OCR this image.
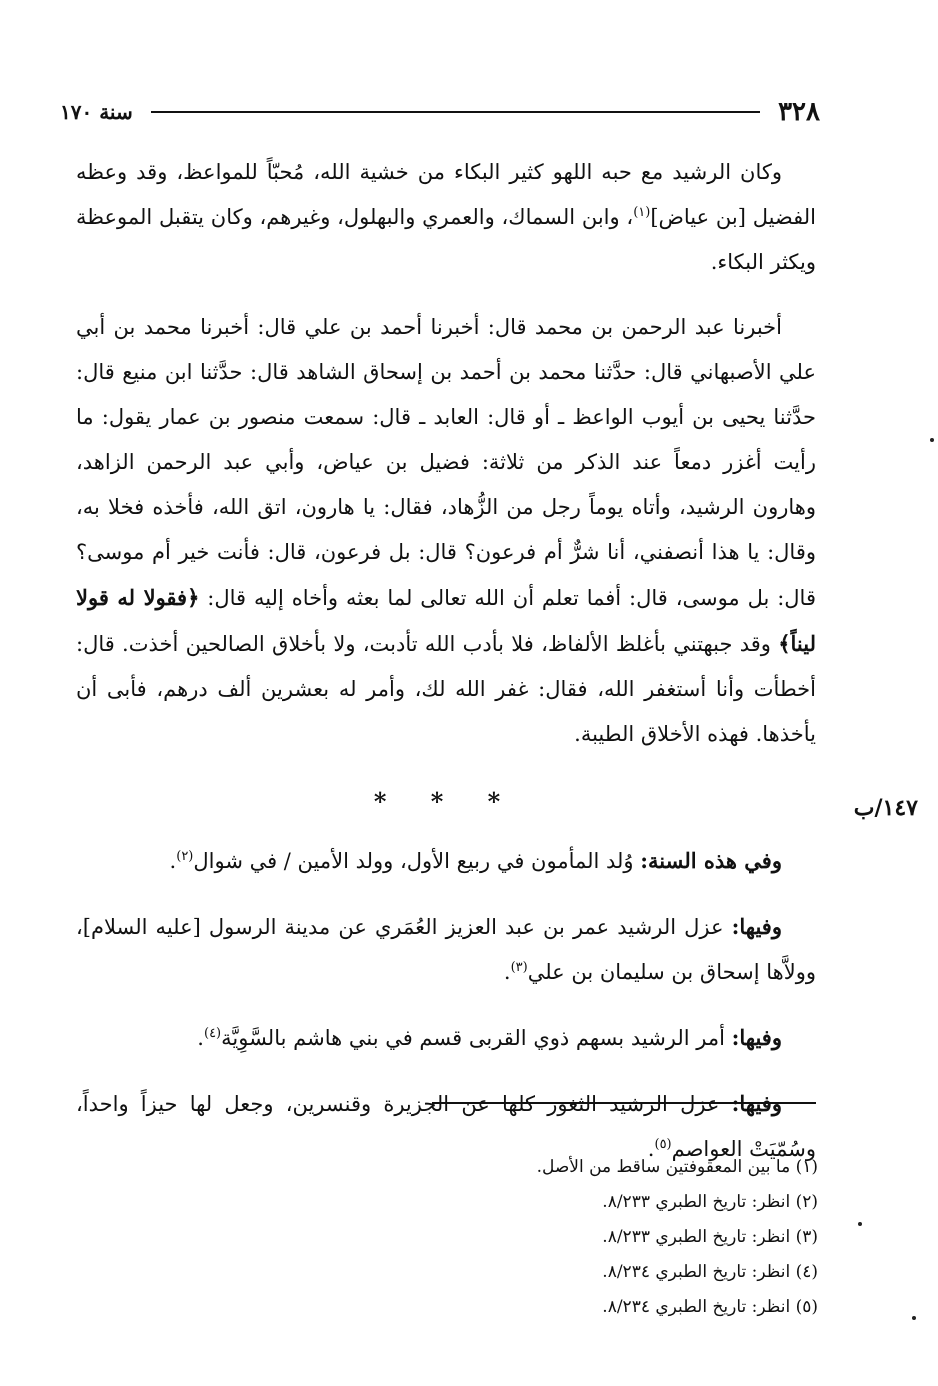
٣٢٨
سنة ١٧٠

وكان الرشيد مع حبه اللهو كثير البكاء من خشية الله، مُحبّاً للمواعظ، وقد وعظه الفضيل [بن عياض]$^{(١)}$، وابن السماك، والعمري والبهلول، وغيرهم، وكان يتقبل الموعظة ويكثر البكاء.

أخبرنا عبد الرحمن بن محمد قال: أخبرنا أحمد بن علي قال: أخبرنا محمد بن أبي علي الأصبهاني قال: حدَّثنا محمد بن أحمد بن إسحاق الشاهد قال: حدَّثنا ابن منيع قال: حدَّثنا يحيى بن أيوب الواعظ ـ أو قال: العابد ـ قال: سمعت منصور بن عمار يقول: ما رأيت أغزر دمعاً عند الذكر من ثلاثة: فضيل بن عياض، وأبي عبد الرحمن الزاهد، وهارون الرشيد، وأتاه يوماً رجل من الزُّهاد، فقال: يا هارون، اتق الله، فأخذه فخلا به، وقال: يا هذا أنصفني، أنا شرٌّ أم فرعون؟ قال: بل فرعون، قال: فأنت خير أم موسى؟ قال: بل موسى، قال: أفما تعلم أن الله تعالى لما بعثه وأخاه إليه قال: ﴿فقولا له قولا ليناً﴾ وقد جبهتني بأغلظ الألفاظ، فلا بأدب الله تأدبت، ولا بأخلاق الصالحين أخذت. قال: أخطأت وأنا أستغفر الله، فقال: غفر الله لك، وأمر له بعشرين ألف درهم، فأبى أن يأخذها. فهذه الأخلاق الطيبة.

* * *

وفي هذه السنة: وُلد المأمون في ربيع الأول، وولد الأمين / في شوال$^{(٢)}$.

وفيها: عزل الرشيد عمر بن عبد العزيز العُمَري عن مدينة الرسول [عليه السلام]، وولاَّها إسحاق بن سليمان بن علي$^{(٣)}$.

وفيها: أمر الرشيد بسهم ذوي القربى قسم في بني هاشم بالسَّوِيَّة$^{(٤)}$.

وفيها: عزل الرشيد الثغور كلها عن الجزيرة وقنسرين، وجعل لها حيزاً واحداً، وسُمّيَتْ العواصم$^{(٥)}$.

١٤٧/ب
(١) ما بين المعقوفتين ساقط من الأصل.
(٢) انظر: تاريخ الطبري ٨/٢٣٣.
(٣) انظر: تاريخ الطبري ٨/٢٣٣.
(٤) انظر: تاريخ الطبري ٨/٢٣٤.
(٥) انظر: تاريخ الطبري ٨/٢٣٤.
